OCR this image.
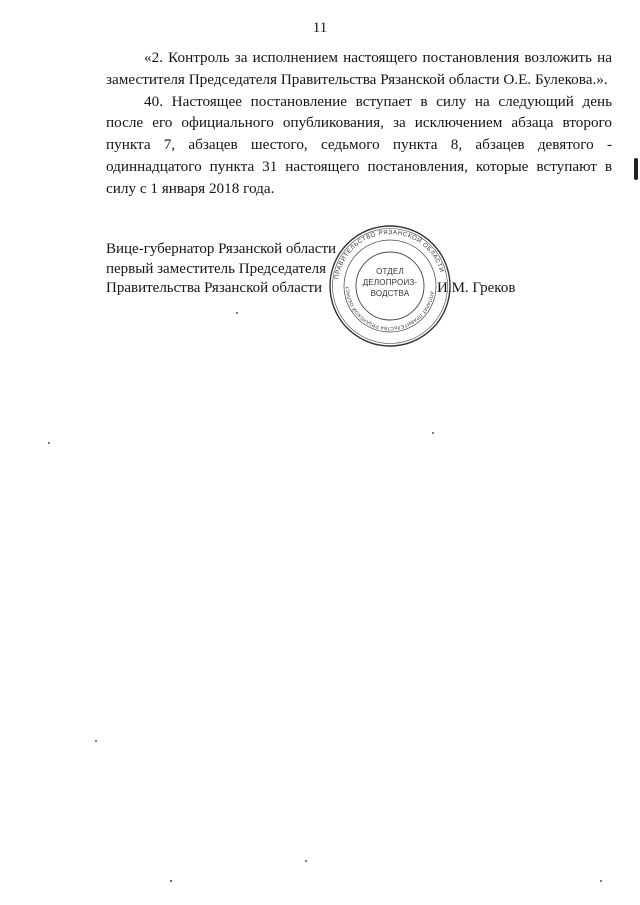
11

«2. Контроль за исполнением настоящего постановления возложить на заместителя Председателя Правительства Рязанской области О.Е. Булекова.».

40. Настоящее постановление вступает в силу на следующий день после его официального опубликования, за исключением абзаца второго пункта 7, абзацев шестого, седьмого пункта 8, абзацев девятого - одиннадцатого пункта 31 настоящего постановления, которые вступают в силу с 1 января 2018 года.

Вице-губернатор Рязанской области
первый заместитель Председателя
Правительства Рязанской области
ПРАВИТЕЛЬСТВО РЯЗАНСКОЙ ОБЛАСТИ
АППАРАТ ПРАВИТЕЛЬСТВА РЯЗАНСКОЙ ОБЛАСТ
ОТДЕЛ
ДЕЛОПРОИЗ-
ВОДСТВА	И.М. Греков
